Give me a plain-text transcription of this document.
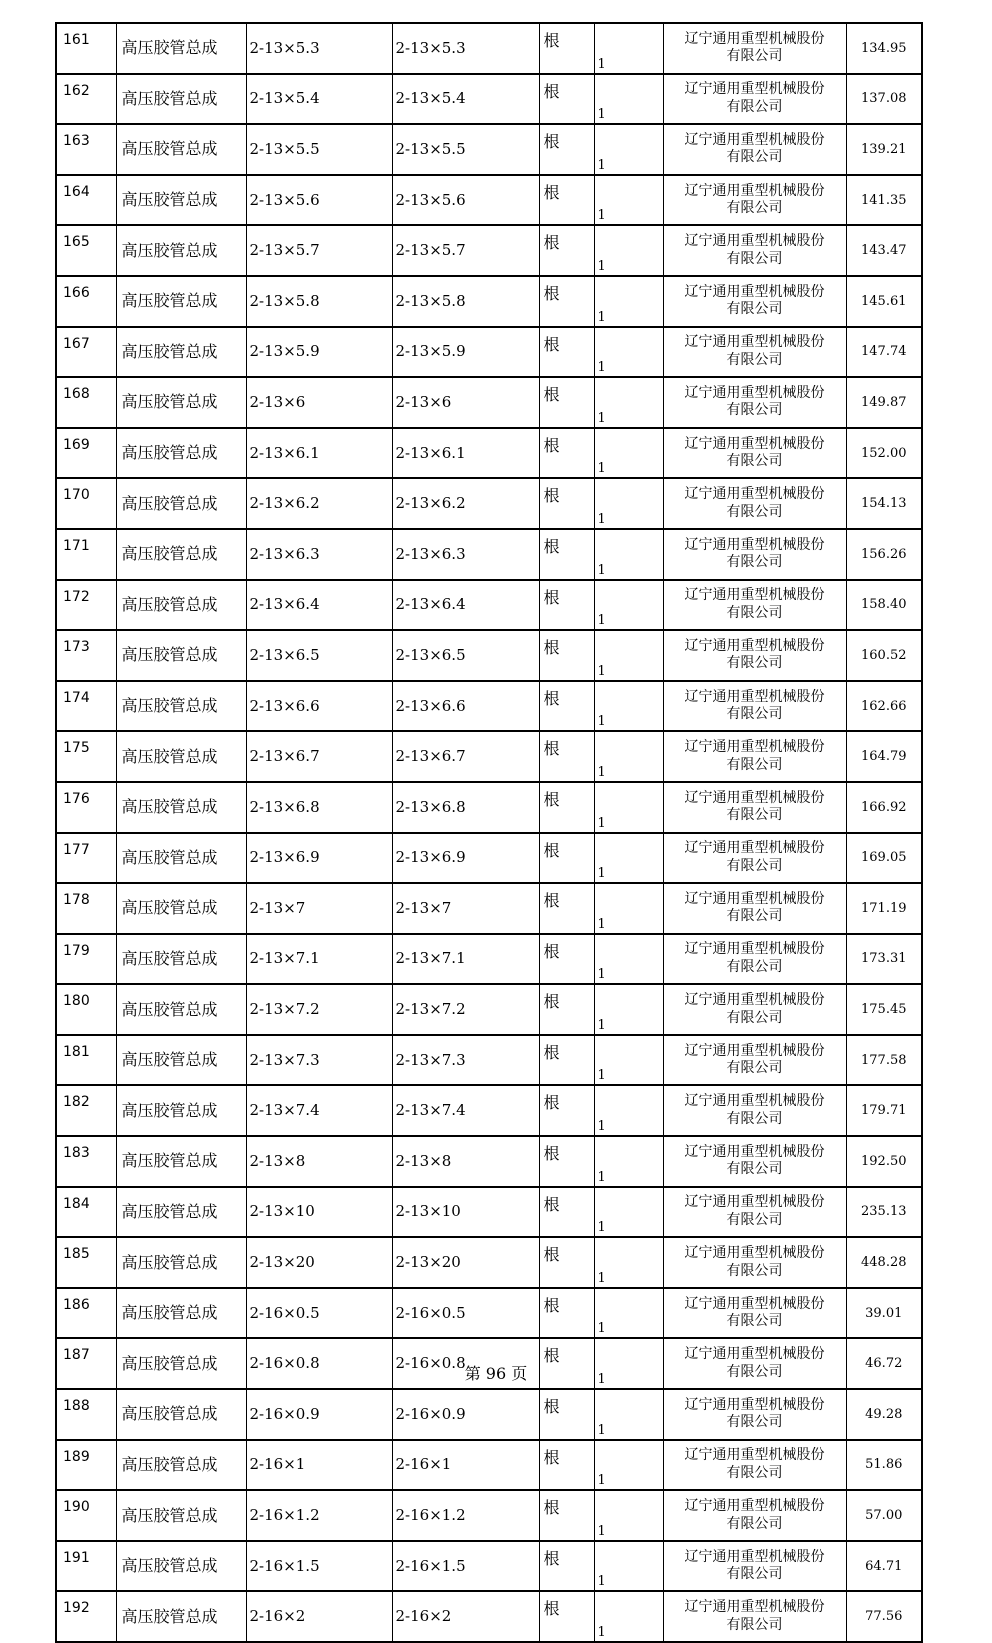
161	高压胶管总成	2-13×5.3	2-13×5.3	根	1	辽宁通用重型机械股份
有限公司	134.95
162	高压胶管总成	2-13×5.4	2-13×5.4	根	1	辽宁通用重型机械股份
有限公司	137.08
163	高压胶管总成	2-13×5.5	2-13×5.5	根	1	辽宁通用重型机械股份
有限公司	139.21
164	高压胶管总成	2-13×5.6	2-13×5.6	根	1	辽宁通用重型机械股份
有限公司	141.35
165	高压胶管总成	2-13×5.7	2-13×5.7	根	1	辽宁通用重型机械股份
有限公司	143.47
166	高压胶管总成	2-13×5.8	2-13×5.8	根	1	辽宁通用重型机械股份
有限公司	145.61
167	高压胶管总成	2-13×5.9	2-13×5.9	根	1	辽宁通用重型机械股份
有限公司	147.74
168	高压胶管总成	2-13×6	2-13×6	根	1	辽宁通用重型机械股份
有限公司	149.87
169	高压胶管总成	2-13×6.1	2-13×6.1	根	1	辽宁通用重型机械股份
有限公司	152.00
170	高压胶管总成	2-13×6.2	2-13×6.2	根	1	辽宁通用重型机械股份
有限公司	154.13
171	高压胶管总成	2-13×6.3	2-13×6.3	根	1	辽宁通用重型机械股份
有限公司	156.26
172	高压胶管总成	2-13×6.4	2-13×6.4	根	1	辽宁通用重型机械股份
有限公司	158.40
173	高压胶管总成	2-13×6.5	2-13×6.5	根	1	辽宁通用重型机械股份
有限公司	160.52
174	高压胶管总成	2-13×6.6	2-13×6.6	根	1	辽宁通用重型机械股份
有限公司	162.66
175	高压胶管总成	2-13×6.7	2-13×6.7	根	1	辽宁通用重型机械股份
有限公司	164.79
176	高压胶管总成	2-13×6.8	2-13×6.8	根	1	辽宁通用重型机械股份
有限公司	166.92
177	高压胶管总成	2-13×6.9	2-13×6.9	根	1	辽宁通用重型机械股份
有限公司	169.05
178	高压胶管总成	2-13×7	2-13×7	根	1	辽宁通用重型机械股份
有限公司	171.19
179	高压胶管总成	2-13×7.1	2-13×7.1	根	1	辽宁通用重型机械股份
有限公司	173.31
180	高压胶管总成	2-13×7.2	2-13×7.2	根	1	辽宁通用重型机械股份
有限公司	175.45
181	高压胶管总成	2-13×7.3	2-13×7.3	根	1	辽宁通用重型机械股份
有限公司	177.58
182	高压胶管总成	2-13×7.4	2-13×7.4	根	1	辽宁通用重型机械股份
有限公司	179.71
183	高压胶管总成	2-13×8	2-13×8	根	1	辽宁通用重型机械股份
有限公司	192.50
184	高压胶管总成	2-13×10	2-13×10	根	1	辽宁通用重型机械股份
有限公司	235.13
185	高压胶管总成	2-13×20	2-13×20	根	1	辽宁通用重型机械股份
有限公司	448.28
186	高压胶管总成	2-16×0.5	2-16×0.5	根	1	辽宁通用重型机械股份
有限公司	39.01
187	高压胶管总成	2-16×0.8	2-16×0.8	根	1	辽宁通用重型机械股份
有限公司	46.72
188	高压胶管总成	2-16×0.9	2-16×0.9	根	1	辽宁通用重型机械股份
有限公司	49.28
189	高压胶管总成	2-16×1	2-16×1	根	1	辽宁通用重型机械股份
有限公司	51.86
190	高压胶管总成	2-16×1.2	2-16×1.2	根	1	辽宁通用重型机械股份
有限公司	57.00
191	高压胶管总成	2-16×1.5	2-16×1.5	根	1	辽宁通用重型机械股份
有限公司	64.71
192	高压胶管总成	2-16×2	2-16×2	根	1	辽宁通用重型机械股份
有限公司	77.56
第 96 页
